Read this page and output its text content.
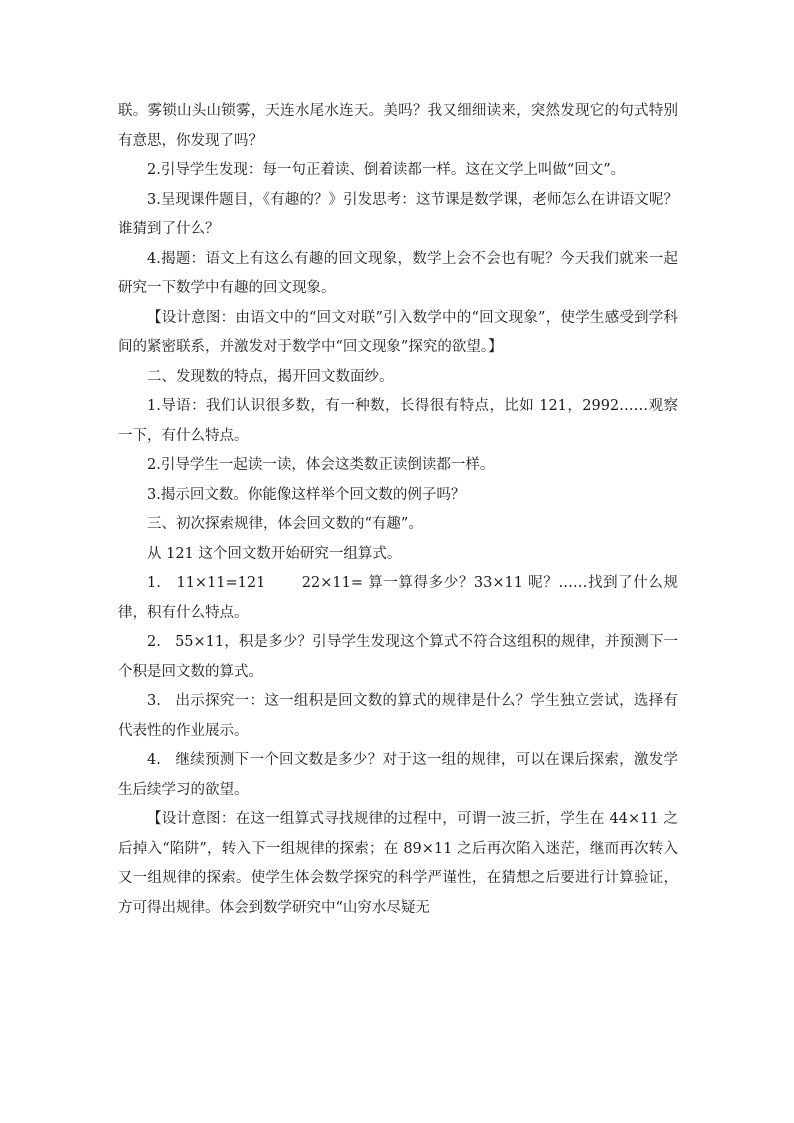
联。雾锁山头山锁雾，天连水尾水连天。美吗？我又细细读来，突然发现它的句式特别有意思，你发现了吗？

2.引导学生发现：每一句正着读、倒着读都一样。这在文学上叫做“回文”。

3.呈现课件题目，《有趣的？》引发思考：这节课是数学课，老师怎么在讲语文呢？谁猜到了什么？

4.揭题：语文上有这么有趣的回文现象，数学上会不会也有呢？今天我们就来一起研究一下数学中有趣的回文现象。

【设计意图：由语文中的“回文对联”引入数学中的“回文现象”，使学生感受到学科间的紧密联系，并激发对于数学中“回文现象”探究的欲望。】

二、发现数的特点，揭开回文数面纱。

1.导语：我们认识很多数，有一种数，长得很有特点，比如 121，2992……观察一下，有什么特点。

2.引导学生一起读一读，体会这类数正读倒读都一样。

3.揭示回文数。你能像这样举个回文数的例子吗？

三、初次探索规律，体会回文数的“有趣”。

从 121 这个回文数开始研究一组算式。

1.   11×11=121       22×11= 算一算得多少？33×11 呢？……找到了什么规律，积有什么特点。

2.   55×11，积是多少？引导学生发现这个算式不符合这组积的规律，并预测下一个积是回文数的算式。

3.   出示探究一：这一组积是回文数的算式的规律是什么？学生独立尝试，选择有代表性的作业展示。

4.   继续预测下一个回文数是多少？对于这一组的规律，可以在课后探索，激发学生后续学习的欲望。

【设计意图：在这一组算式寻找规律的过程中，可谓一波三折，学生在 44×11 之后掉入“陷阱”，转入下一组规律的探索；在 89×11 之后再次陷入迷茫，继而再次转入又一组规律的探索。使学生体会数学探究的科学严谨性，在猜想之后要进行计算验证，方可得出规律。体会到数学研究中“山穷水尽疑无
